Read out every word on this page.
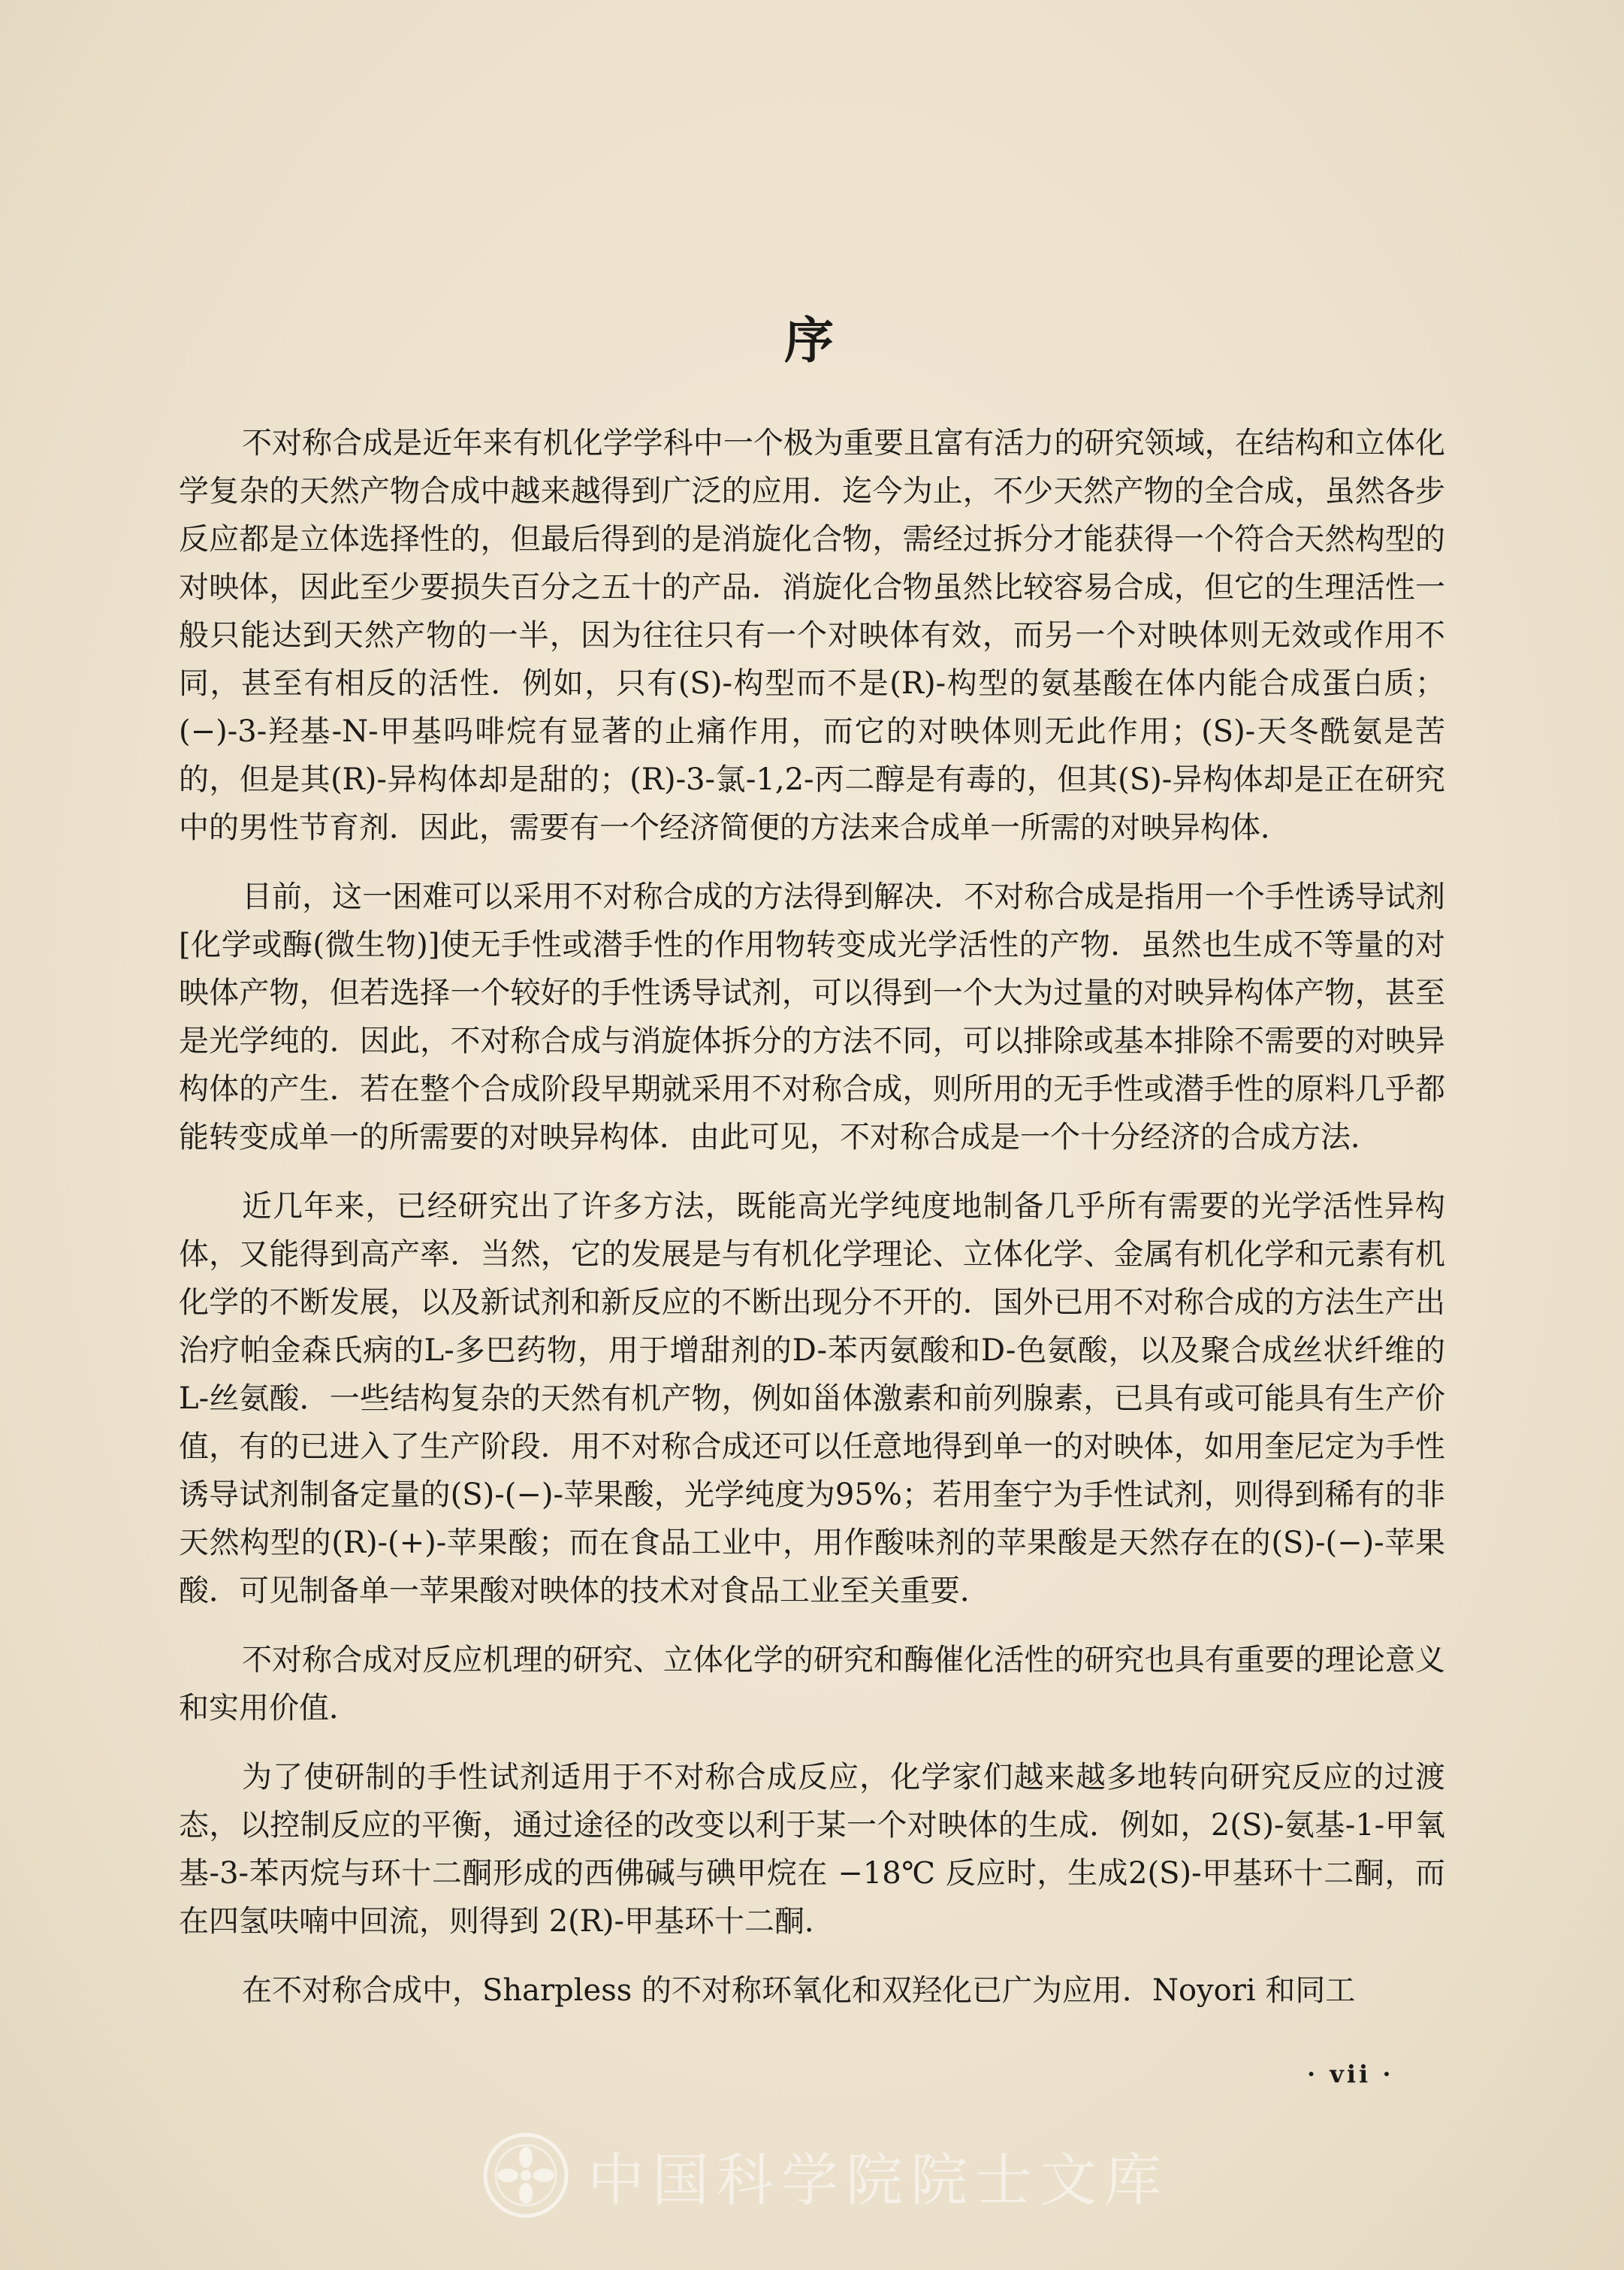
序

不对称合成是近年来有机化学学科中一个极为重要且富有活力的研究领域，在结构和立体化学复杂的天然产物合成中越来越得到广泛的应用．迄今为止，不少天然产物的全合成，虽然各步反应都是立体选择性的，但最后得到的是消旋化合物，需经过拆分才能获得一个符合天然构型的对映体，因此至少要损失百分之五十的产品．消旋化合物虽然比较容易合成，但它的生理活性一般只能达到天然产物的一半，因为往往只有一个对映体有效，而另一个对映体则无效或作用不同，甚至有相反的活性．例如，只有(S)-构型而不是(R)-构型的氨基酸在体内能合成蛋白质；(−)-3-羟基-N-甲基吗啡烷有显著的止痛作用，而它的对映体则无此作用；(S)-天冬酰氨是苦的，但是其(R)-异构体却是甜的；(R)-3-氯-1,2-丙二醇是有毒的，但其(S)-异构体却是正在研究中的男性节育剂．因此，需要有一个经济简便的方法来合成单一所需的对映异构体．

目前，这一困难可以采用不对称合成的方法得到解决．不对称合成是指用一个手性诱导试剂[化学或酶(微生物)]使无手性或潜手性的作用物转变成光学活性的产物．虽然也生成不等量的对映体产物，但若选择一个较好的手性诱导试剂，可以得到一个大为过量的对映异构体产物，甚至是光学纯的．因此，不对称合成与消旋体拆分的方法不同，可以排除或基本排除不需要的对映异构体的产生．若在整个合成阶段早期就采用不对称合成，则所用的无手性或潜手性的原料几乎都能转变成单一的所需要的对映异构体．由此可见，不对称合成是一个十分经济的合成方法．

近几年来，已经研究出了许多方法，既能高光学纯度地制备几乎所有需要的光学活性异构体，又能得到高产率．当然，它的发展是与有机化学理论、立体化学、金属有机化学和元素有机化学的不断发展，以及新试剂和新反应的不断出现分不开的．国外已用不对称合成的方法生产出治疗帕金森氏病的L-多巴药物，用于增甜剂的D-苯丙氨酸和D-色氨酸，以及聚合成丝状纤维的L-丝氨酸．一些结构复杂的天然有机产物，例如甾体激素和前列腺素，已具有或可能具有生产价值，有的已进入了生产阶段．用不对称合成还可以任意地得到单一的对映体，如用奎尼定为手性诱导试剂制备定量的(S)-(−)-苹果酸，光学纯度为95%；若用奎宁为手性试剂，则得到稀有的非天然构型的(R)-(+)-苹果酸；而在食品工业中，用作酸味剂的苹果酸是天然存在的(S)-(−)-苹果酸．可见制备单一苹果酸对映体的技术对食品工业至关重要．

不对称合成对反应机理的研究、立体化学的研究和酶催化活性的研究也具有重要的理论意义和实用价值．

为了使研制的手性试剂适用于不对称合成反应，化学家们越来越多地转向研究反应的过渡态，以控制反应的平衡，通过途径的改变以利于某一个对映体的生成．例如，2(S)-氨基-1-甲氧基-3-苯丙烷与环十二酮形成的西佛碱与碘甲烷在 −18℃ 反应时，生成2(S)-甲基环十二酮，而在四氢呋喃中回流，则得到 2(R)-甲基环十二酮．

在不对称合成中，Sharpless 的不对称环氧化和双羟化已广为应用．Noyori 和同工

· vii ·
中国科学院院士文库
